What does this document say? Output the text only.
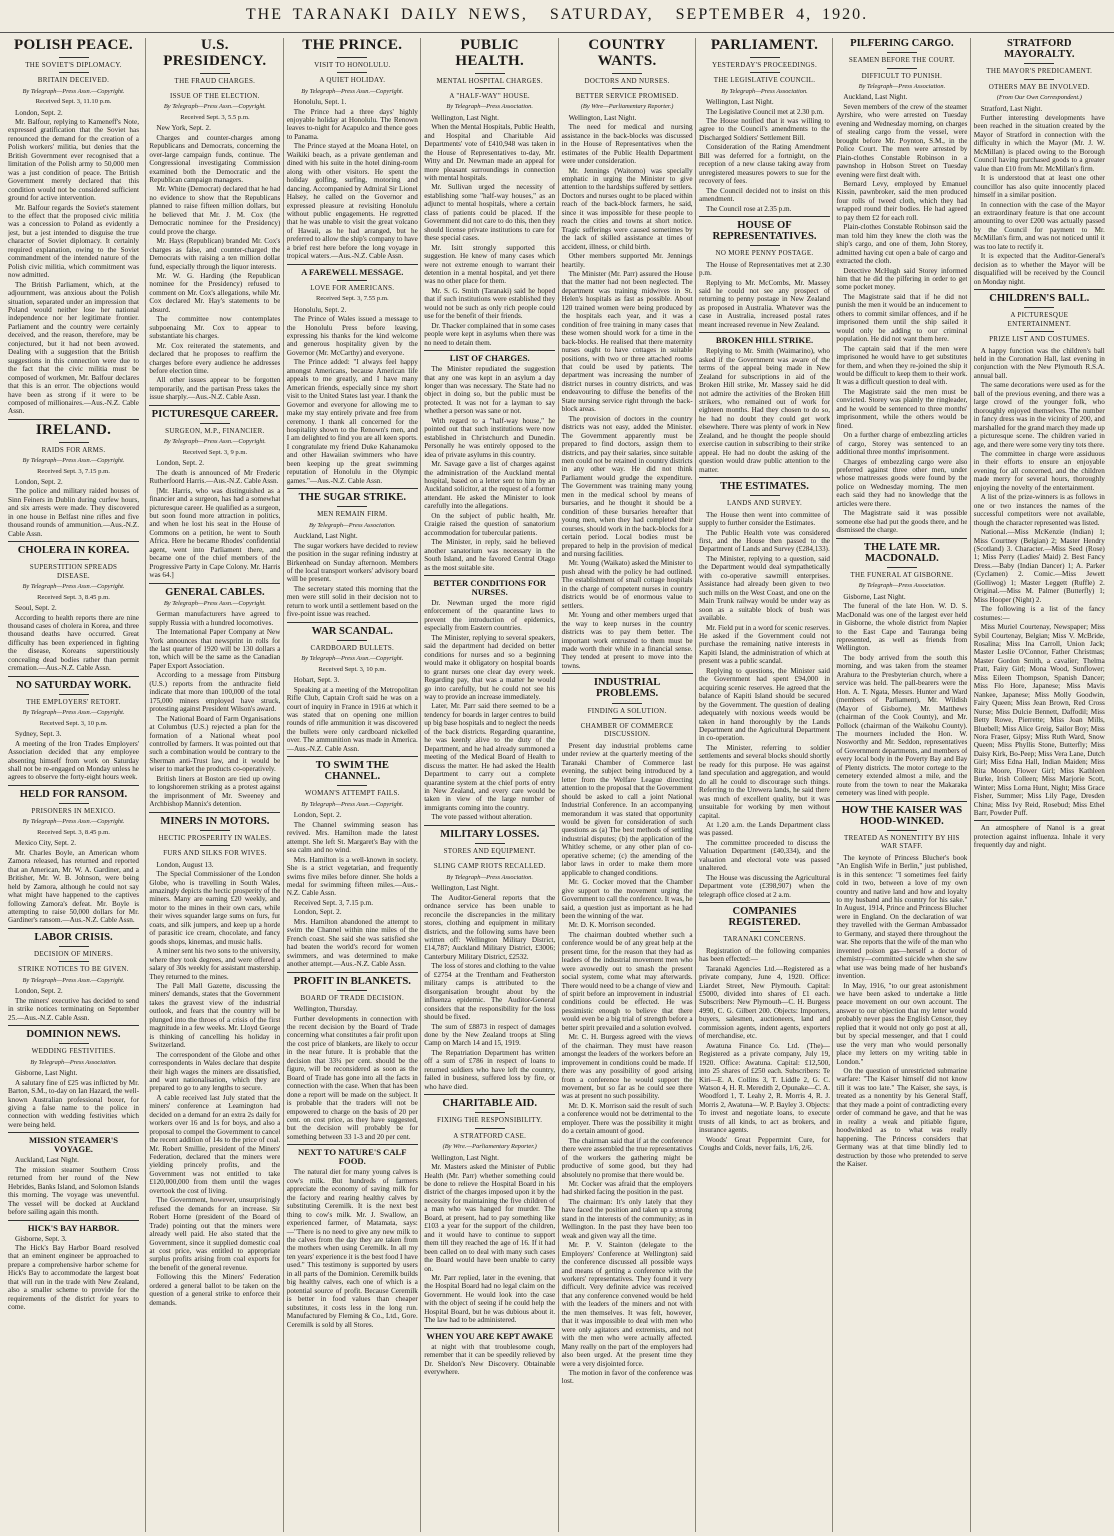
THE TARANAKI DAILY NEWS, SATURDAY, SEPTEMBER 4, 1920.
POLISH PEACE.
THE SOVIET'S DIPLOMACY.
BRITAIN DECEIVED.
By Telegraph—Press Assn.—Copyright.
Received Sept. 3, 11.10 p.m.

London, Sept. 2.

Mr. Balfour, replying to Kameneff's Note, expressed gratification that the Soviet has renounced the demand for the creation of a Polish workers' militia, but denies that the British Government ever recognised that a limitation of the Polish army to 50,000 men was a just condition of peace. The British Government merely declared that this condition would not be considered sufficient ground for active intervention.

Mr. Balfour regards the Soviet's statement to the effect that the proposed civic militia was a concession to Poland as evidently a jest, but a jest intended to disguise the true character of Soviet diplomacy. It certainly required explanation, owing to the Soviet commandment of the intended nature of the Polish civic militia, which commitment was now admitted.

The British Parliament, which, at the adjournment, was anxious about the Polish situation, separated under an impression that Poland would neither lose her national independence nor her legitimate frontier. Parliament and the country were certainly deceived, and the reason, therefore, may be conjectured, but it had not been avowed. Dealing with a suggestion that the British suggestions in this connection were due to the fact that the civic militia must be composed of workmen, Mr. Balfour declares that this is an error. The objections would have been as strong if it were to be composed of millionaires.—Aus.-N.Z. Cable Assn.

IRELAND.
RAIDS FOR ARMS.
By Telegraph—Press Assn.—Copyright.
Received Sept. 3, 7.15 p.m.

London, Sept. 2.

The police and military raided houses of Sinn Feiners in Dublin during curfew hours, and six arrests were made. They discovered in one house in Belfast nine rifles and five thousand rounds of ammunition.—Aus.-N.Z. Cable Assn.

CHOLERA IN KOREA.
SUPERSTITION SPREADS DISEASE.
By Telegraph—Press Assn.—Copyright.
Received Sept. 3, 8.45 p.m.

Seoul, Sept. 2.

According to health reports there are nine thousand cases of cholera in Korea, and three thousand deaths have occurred. Great difficulty has been experienced in fighting the disease, Koreans superstitiously concealing dead bodies rather than permit cremation.—Aus.-N.Z. Cable Assn.

NO SATURDAY WORK.
THE EMPLOYERS' RETORT.
By Telegraph—Press Assn.—Copyright.
Received Sept. 3, 10 p.m.

Sydney, Sept. 3.

A meeting of the Iron Trades Employers' Association decided that any employee absenting himself from work on Saturday shall not be re-engaged on Monday unless he agrees to observe the forty-eight hours week.

HELD FOR RANSOM.
PRISONERS IN MEXICO.
By Telegraph—Press Assn.—Copyright.
Received Sept. 3, 8.45 p.m.

Mexico City, Sept. 2.

Mr. Charles Boyle, an American whom Zamora released, has returned and reported that an American, Mr. W. A. Gardiner, and a Britisher, Mr. W. B. Johnson, were being held by Zamora, although he could not say what might have happened to the captives following Zamora's defeat. Mr. Boyle is attempting to raise 50,000 dollars for Mr. Gardiner's ransom.—Aus.-N.Z. Cable Assn.

LABOR CRISIS.
DECISION OF MINERS.
STRIKE NOTICES TO BE GIVEN.
By Telegraph—Press Assn.—Copyright.

London, Sept. 2.

The miners' executive has decided to send in strike notices terminating on September 25.—Aus.-N.Z. Cable Assn.

DOMINION NEWS.
WEDDING FESTIVITIES.
By Telegraph—Press Association.

Gisborne, Last Night.

A salutary fine of £25 was inflicted by Mr. Barton, S.M., to-day on Ian Hazard, the well-known Australian professional boxer, for giving a false name to the police in connection with wedding festivities which were being held.

MISSION STEAMER'S VOYAGE.

Auckland, Last Night.

The mission steamer Southern Cross returned from her round of the New Hebrides, Banks Island, and Solomon Islands this morning. The voyage was uneventful. The vessel will be docked at Auckland before sailing again this month.

HICK'S BAY HARBOR.

Gisborne, Sept. 3.

The Hick's Bay Harbor Board resolved that an eminent engineer be approached to prepare a comprehensive harbor scheme for Hick's Bay to accommodate the largest boat that will run in the trade with New Zealand, also a smaller scheme to provide for the requirements of the district for years to come.

U.S. PRESIDENCY.
THE FRAUD CHARGES.
ISSUE OF THE ELECTION.
By Telegraph—Press Assn.—Copyright.
Received Sept. 3, 5.5 p.m.

New York, Sept. 2.

Charges and counter-charges among Republicans and Democrats, concerning the over-large campaign funds, continue. The Congressional investigating Commission examined both the Democratic and the Republican campaign managers.

Mr. White (Democrat) declared that he had no evidence to show that the Republicans planned to raise fifteen million dollars, but he believed that Mr. J. M. Cox (the Democratic nominee for the Presidency) could prove the charge.

Mr. Hays (Republican) branded Mr. Cox's charges as false, and counter-charged the Democrats with raising a ten million dollar fund, especially through the liquor interests.

Mr. W. G. Harding (the Republican nominee for the Presidency) refused to comment on Mr. Cox's allegations, while Mr. Cox declared Mr. Hay's statements to be absurd.

The committee now contemplates subpoenaing Mr. Cox to appear to substantiate his charges.

Mr. Cox reiterated the statements, and declared that he proposes to reaffirm the charges before every audience he addresses before election time.

All other issues appear to be forgotten temporarily, and the partisan Press takes the issue sharply.—Aus.-N.Z. Cable Assn.

PICTURESQUE CAREER.
SURGEON, M.P., FINANCIER.
By Telegraph—Press Assn.—Copyright.
Received Sept. 3, 9 p.m.

London, Sept. 2.

The death is announced of Mr Frederic Rutherfoord Harris.—Aus.-N.Z. Cable Assn.

[Mr. Harris, who was distinguished as a financier and a surgeon, has had a somewhat picturesque career. He qualified as a surgeon, but soon found more attraction in politics, and when he lost his seat in the House of Commons on a petition, he went to South Africa. Here he became Rhodes' confidential agent, went into Parliament there, and became one of the chief members of the Progressive Party in Cape Colony. Mr. Harris was 64.]

GENERAL CABLES.
By Telegraph—Press Assn.—Copyright.

German manufacturers have agreed to supply Russia with a hundred locomotives.

The International Paper Company at New York announces that newsprint in rolls for the last quarter of 1920 will be 130 dollars a ton, which will be the same as the Canadian Paper Export Association.

According to a message from Pittsburg (U.S.) reports from the anthracite field indicate that more than 100,000 of the total 175,000 miners employed have struck, protesting against President Wilson's award.

The National Board of Farm Organisations at Columbus (U.S.) rejected a plan for the formation of a National wheat pool controlled by farmers. It was pointed out that such a combination would be contrary to the Sherman anti-Trust law, and it would be wiser to market the products co-operatively.

British liners at Boston are tied up owing to longshoremen striking as a protest against the imprisonment of Mr. Sweeney and Archbishop Mannix's detention.

MINERS IN MOTORS.
HECTIC PROSPERITY IN WALES.
FURS AND SILKS FOR WIVES.

London, August 13.

The Special Commissioner of the London Globe, who is travelling in South Wales, amazingly depicts the hectic prosperity of the miners. Many are earning £20 weekly, and motor to the mines in their own cars, while their wives squander large sums on furs, fur coats, and silk jumpers, and keep up a horde of parasitic ice cream, chocolate, and fancy goods shops, kinemas, and music halls.

A miner sent his two sons to the university, where they took degrees, and were offered a salary of 30s weekly for assistant mastership. They returned to the mines.

The Pall Mall Gazette, discussing the miners' demands, states that the Government takes the gravest view of the industrial outlook, and fears that the country will be plunged into the throes of a crisis of the first magnitude in a few weeks. Mr. Lloyd George is thinking of cancelling his holiday in Switzerland.

The correspondent of the Globe and other correspondents in Wales declare that despite their high wages the miners are dissatisfied, and want nationalisation, which they are prepared to go to any lengths to secure.

A cable received last July stated that the miners' conference at Leamington had decided on a demand for an extra 2s daily for workers over 16 and 1s for boys, and also a proposal to compel the Government to cancel the recent addition of 14s to the price of coal. Mr. Robert Smillie, president of the Miners' Federation, declared that the miners were yielding princely profits, and the Government was not entitled to take £120,000,000 from them until the wages overtook the cost of living.

The Government, however, unsurprisingly refused the demands for an increase. Sir Robert Horne (president of the Board of Trade) pointing out that the miners were already well paid. He also stated that the Government, since it supplied domestic coal at cost price, was entitled to appropriate surplus profits arising from coal exports for the benefit of the general revenue.

Following this the Miners' Federation ordered a general ballot to be taken on the question of a general strike to enforce their demands.

THE PRINCE.
VISIT TO HONOLULU.
A QUIET HOLIDAY.
By Telegraph—Press Assn.—Copyright.

Honolulu, Sept. 1.

The Prince had a three days' highly enjoyable holiday at Honolulu. The Renown leaves to-night for Acapulco and thence goes to Panama.

The Prince stayed at the Moana Hotel, on Waikiki beach, as a private gentleman and dined with his suite in the hotel dining-room along with other visitors. He spent the holiday golfing, surfing, motoring and dancing. Accompanied by Admiral Sir Lionel Halsey, he called on the Governor and expressed pleasure at revisiting Honolulu without public engagements. He regretted that he was unable to visit the great volcano of Hawaii, as he had arranged, but he preferred to allow the ship's company to have a brief rest here before the long voyage in tropical waters.—Aus.-N.Z. Cable Assn.

A FAREWELL MESSAGE.
LOVE FOR AMERICANS.
Received Sept. 3, 7.55 p.m.

Honolulu, Sept. 2.

The Prince of Wales issued a message to the Honolulu Press before leaving, expressing his thanks for the kind welcome and generous hospitality given by the Governor (Mr. McCarthy) and everyone.

The Prince added: "I always feel happy amongst Americans, because American life appeals to me greatly, and I have many American friends, especially since my short visit to the United States last year. I thank the Governor and everyone for allowing me to make my stay entirely private and free from ceremony. I thank all concerned for the hospitality shown to the Renown's men, and I am delighted to find you are all keen sports. I congratulate my friend Duke Kahanamoku and other Hawaiian swimmers who have been keeping up the great swimming reputation of Honolulu in the Olympic games."—Aus.-N.Z. Cable Assn.

THE SUGAR STRIKE.
MEN REMAIN FIRM.
By Telegraph—Press Association.

Auckland, Last Night.

The sugar workers have decided to review the position in the sugar refining industry at Birkenhead on Sunday afternoon. Members of the local transport workers' advisory board will be present.

The secretary stated this morning that the men were still solid in their decision not to return to work until a settlement based on the five-point issue was reached.

WAR SCANDAL.
CARDBOARD BULLETS.
By Telegraph—Press Assn.—Copyright.
Received Sept. 3, 10 p.m.

Hobart, Sept. 3.

Speaking at a meeting of the Metropolitan Rifle Club, Captain Croft said he was on a court of inquiry in France in 1916 at which it was stated that on opening one million rounds of rifle ammunition it was discovered the bullets were only cardboard nickelled over. The ammunition was made in America.—Aus.-N.Z. Cable Assn.

TO SWIM THE CHANNEL.
WOMAN'S ATTEMPT FAILS.
By Telegraph—Press Assn.—Copyright.

London, Sept. 2.

The Channel swimming season has revived. Mrs. Hamilton made the latest attempt. She left St. Margaret's Bay with the sea calm and no wind.

Mrs. Hamilton is a well-known in society. She is a strict vegetarian, and frequently swims five miles before dinner. She holds a medal for swimming fifteen miles.—Aus.-N.Z. Cable Assn.

Received Sept. 3, 7.15 p.m.

London, Sept. 2.

Mrs. Hamilton abandoned the attempt to swim the Channel within nine miles of the French coast. She said she was satisfied she had beaten the world's record for women swimmers, and was determined to make another attempt.—Aus.-N.Z. Cable Assn.

PROFIT IN BLANKETS.
BOARD OF TRADE DECISION.

Wellington, Thursday.

Further developments in connection with the recent decision by the Board of Trade concerning what constitutes a fair profit upon the cost price of blankets, are likely to occur in the near future. It is probable that the decision that 33¼ per cent. should be the figure, will be reconsidered as soon as the Board of Trade has gone into all the facts in connection with the case. When that has been done a report will be made on the subject. It is probable that the traders will not be empowered to charge on the basis of 20 per cent. on cost price, as they have suggested, but the decision will probably be for something between 33 1-3 and 20 per cent.

NEXT TO NATURE'S CALF FOOD.

The natural diet for many young calves is cow's milk. But hundreds of farmers appreciate the economy of saving milk for the factory and rearing healthy calves by substituting Ceremilk. It is the next best thing to cow's milk. Mr. J. Swallow, an experienced farmer, of Matamata, says:—"There is no need to give any new milk to the calves from the day they are taken from the mothers when using Ceremilk. In all my ten years' experience it is the best food I have used." This testimony is supported by users in all parts of the Dominion. Ceremilk builds big healthy calves, each one of which is a potential source of profit. Because Ceremilk is better in food values than cheaper substitutes, it costs less in the long run. Manufactured by Fleming & Co., Ltd., Gore. Ceremilk is sold by all Stores.

PUBLIC HEALTH.
MENTAL HOSPITAL CHARGES.
A "HALF-WAY" HOUSE.
By Telegraph—Press Association.

Wellington, Last Night.

When the Mental Hospitals, Public Health, and Hospital and Charitable Aid Departments' vote of £410,948 was taken in the House of Representatives to-day, Mr. Witty and Dr. Newman made an appeal for more pleasant surroundings in connection with mental hospitals.

Mr. Sullivan urged the necessity of establishing some "half-way houses," as an adjunct to mental hospitals, where a certain class of patients could be placed. If the Government did not care to do this, then they should license private institutions to care for these special cases.

Mr. Isitt strongly supported this suggestion. He knew of many cases which were not extreme enough to warrant their detention in a mental hospital, and yet there was no other place for them.

Mr. S. G. Smith (Taranaki) said he hoped that if such institutions were established they would not be such as only rich people could use for the benefit of their friends.

Dr. Thacker complained that in some cases people were kept in asylums when there was no need to detain them.

LIST OF CHARGES.

The Minister repudiated the suggestion that any one was kept in an asylum a day longer than was necessary. The State had no object in doing so, but the public must be protected. It was not for a layman to say whether a person was sane or not.

With regard to a "half-way house," he pointed out that such institutions were now established in Christchurch and Dunedin. Personally he was entirely opposed to the idea of private asylums in this country.

Mr. Savage gave a list of charges against the administration of the Auckland mental hospital, based on a letter sent to him by an Auckland solicitor, at the request of a former attendant. He asked the Minister to look carefully into the allegations.

On the subject of public health, Mr. Craigie raised the question of sanatorium accommodation for tubercular patients.

The Minister, in reply, said he believed another sanatorium was necessary in the South Island, and he favored Central Otago as the most suitable site.

BETTER CONDITIONS FOR NURSES.

Dr. Newman urged the more rigid enforcement of the quarantine laws to prevent the introduction of epidemics, especially from Eastern countries.

The Minister, replying to several speakers, said the department had decided on better conditions for nurses and so a beginning would make it obligatory on hospital boards to grant nurses one clear day every week. Regarding pay, that was a matter he would go into carefully, but he could not see his way to provide an increase immediately.

Later, Mr. Parr said there seemed to be a tendency for boards in larger centres to build up big base hospitals and to neglect the needs of the back districts. Regarding quarantine, he was keenly alive to the duty of the Department, and he had already summoned a meeting of the Medical Board of Health to discuss the matter. He had asked the Health Department to carry out a complete quarantine system at the chief ports of entry in New Zealand, and every care would be taken in view of the large number of immigrants coming into the country.

The vote passed without alteration.

MILITARY LOSSES.
STORES AND EQUIPMENT.
SLING CAMP RIOTS RECALLED.
By Telegraph—Press Association.

Wellington, Last Night.

The Auditor-General reports that the ordnance service has been unable to reconcile the discrepancies in the military stores, clothing and equipment in military districts, and the following sums have been written off: Wellington Military District, £14,787; Auckland Military District, £3006; Canterbury Military District, £2532.

The loss of stores and clothing to the value of £2754 at the Trentham and Featherston military camps is attributed to the disorganisation brought about by the influenza epidemic. The Auditor-General considers that the responsibility for the loss should be fixed.

The sum of £8873 in respect of damages done by the New Zealand troops at Sling Camp on March 14 and 15, 1919.

The Repatriation Department has written off a sum of £786 in respect of loans to returned soldiers who have left the country, failed in business, suffered loss by fire, or who have died.

CHARITABLE AID.
FIXING THE RESPONSIBILITY.
A STRATFORD CASE.
(By Wire.—Parliamentary Reporter.)

Wellington, Last Night.

Mr. Masters asked the Minister of Public Health (Mr. Parr) whether something could be done to relieve the Hospital Board in his district of the charges imposed upon it by the necessity for maintaining the five children of a man who was hanged for murder. The Board, at present, had to pay something like £103 a year for the support of the children, and it would have to continue to support them till they reached the age of 16. If it had been called on to deal with many such cases the Board would have been unable to carry on.

Mr. Parr replied, later in the evening, that the Hospital Board had no legal claim on the Government. He would look into the case with the object of seeing if he could help the Hospital Board, but he was dubious about it. The law had to be administered.

WHEN YOU ARE KEPT AWAKE

at night with that troublesome cough, remember that it can be speedily relieved by Dr. Sheldon's New Discovery. Obtainable everywhere.

COUNTRY WANTS.
DOCTORS AND NURSES.
BETTER SERVICE PROMISED.
(By Wire—Parliamentary Reporter.)

Wellington, Last Night.

The need for medical and nursing assistance in the back-blocks was discussed in the House of Representatives when the estimates of the Public Health Department were under consideration.

Mr. Jennings (Waitomo) was specially emphatic in urging the Minister to give attention to the hardships suffered by settlers. Doctors and nurses ought to be placed within reach of the back-block farmers, he said, since it was impossible for these people to reach the cities and towns at short notice. Tragic sufferings were caused sometimes by the lack of skilled assistance at times of accident, illness, or child birth.

Other members supported Mr. Jennings heartily.

The Minister (Mr. Parr) assured the House that the matter had not been neglected. The department was training midwives in St. Helen's hospitals as fast as possible. About 120 trained women were being produced by the hospitals each year, and it was a condition of free training in many cases that these women should work for a time in the back-blocks. He realised that there maternity nurses ought to have cottages in suitable positions, with two or three attached rooms that could be used by patients. The department was increasing the number of district nurses in country districts, and was endeavouring to diffuse the benefits of the State nursing service right through the back-block areas.

The provision of doctors in the country districts was not easy, added the Minister. The Government apparently must be prepared to find doctors, assign them to districts, and pay their salaries, since suitable men could not be retained in country districts in any other way. He did not think Parliament would grudge the expenditure. The Government was training many young men in the medical school by means of bursaries, and he thought it should be a condition of these bursaries hereafter that young men, when they had completed their courses, should work in the back-blocks for a certain period. Local bodies must be prepared to help in the provision of medical and nursing facilities.

Mr. Young (Waikato) asked the Minister to push ahead with the policy he had outlined. The establishment of small cottage hospitals in the charge of competent nurses in country districts would be of enormous value to settlers.

Mr. Young and other members urged that the way to keep nurses in the country districts was to pay them better. The important work entrusted to them must be made worth their while in a financial sense. They tended at present to move into the towns.

INDUSTRIAL PROBLEMS.
FINDING A SOLUTION.
CHAMBER OF COMMERCE DISCUSSION.

Present day industrial problems came under review at the quarterly meeting of the Taranaki Chamber of Commerce last evening, the subject being introduced by a letter from the Welfare League directing attention to the proposal that the Government should be asked to call a joint National Industrial Conference. In an accompanying memorandum it was stated that opportunity would be given for consideration of such questions as (a) The best methods of settling industrial disputes; (b) the application of the Whitley scheme, or any other plan of co-operative scheme; (c) the amending of the labor laws in order to make them more applicable to changed conditions.

Mr. G. Cocker moved that the Chamber give support to the movement urging the Government to call the conference. It was, he said, a question just as important as he had been the winning of the war.

Mr. D. K. Morrison seconded.

The chairman doubted whether such a conference would be of any great help at the present time, for the reason that they had as leaders of the industrial movement men who were avowedly out to smash the present social system, come what may afterwards. There would need to be a change of view and of spirit before an improvement in industrial conditions could be effected. He was pessimistic enough to believe that there would even be a big trial of strength before a better spirit prevailed and a solution evolved.

Mr. C. H. Burgess agreed with the views of the chairman. They must have reason amongst the leaders of the workers before an improvement in conditions could be made. If there was any possibility of good arising from a conference he would support the movement, but so far as he could see there was at present no such possibility.

Mr. D. K. Morrison said the result of such a conference would not be detrimental to the employer. There was the possibility it might do a certain amount of good.

The chairman said that if at the conference there were assembled the true representatives of the workers the gathering might be productive of some good, but they had absolutely no promise that there would be.

Mr. Cocker was afraid that the employers had shirked facing the position in the past.

The chairman: It's only lately that they have faced the position and taken up a strong stand in the interests of the community; as in Wellington. In the past they have been too weak and given way all the time.

Mr. P. V. Stainton (delegate to the Employers' Conference at Wellington) said the conference discussed all possible ways and means of getting a conference with the workers' representatives. They found it very difficult. Very definite advice was received that any conference convened would be held with the leaders of the miners and not with the men themselves. It was felt, however, that it was impossible to deal with men who were only agitators and extremists, and not with the men who were actually affected. Many really on the part of the employers had also been urged. At the present time they were a very disjointed force.

The motion in favor of the conference was lost.

PARLIAMENT.
YESTERDAY'S PROCEEDINGS.
THE LEGISLATIVE COUNCIL.
By Telegraph—Press Association.

Wellington, Last Night.

The Legislative Council met at 2.30 p.m.

The House notified that it was willing to agree to the Council's amendments to the Discharged Soldiers' Settlement Bill.

Consideration of the Rating Amendment Bill was deferred for a fortnight, on the reception of a new clause taking away from unregistered measures powers to sue for the recovery of fees.

The Council decided not to insist on this amendment.

The Council rose at 2.35 p.m.

HOUSE OF REPRESENTATIVES.
NO MORE PENNY POSTAGE.

The House of Representatives met at 2.30 p.m.

Replying to Mr. McCombs, Mr. Massey said he could not see any prospect of returning to penny postage in New Zealand as proposed in Australia. Whatever was the case in Australia, increased postal rates meant increased revenue in New Zealand.

BROKEN HILL STRIKE.

Replying to Mr. Smith (Waimarino), who asked if the Government was aware of the terms of the appeal being made in New Zealand for subscriptions in aid of the Broken Hill strike, Mr. Massey said he did not admire the activities of the Broken Hill strikers, who remained out of work for eighteen months. Had they chosen to do so, he had no doubt they could get work elsewhere. There was plenty of work in New Zealand, and he thought the people should exercise caution in subscribing to their strike appeal. He had no doubt the asking of the question would draw public attention to the matter.

THE ESTIMATES.
LANDS AND SURVEY.

The House then went into committee of supply to further consider the Estimates.

The Public Health vote was considered first, and the House then passed to the Department of Lands and Survey (£284,133).

The Minister, replying to a question, said the Department would deal sympathetically with co-operative sawmill enterprises. Assistance had already been given to two such mills on the West Coast, and one on the Main Trunk railway would be under way as soon as a suitable block of bush was available.

Mr. Field put in a word for scenic reserves. He asked if the Government could not purchase the remaining native interests in Kapiti Island, the administration of which at present was a public scandal.

Replying to questions, the Minister said the Government had spent £94,000 in acquiring scenic reserves. He agreed that the balance of Kapiti Island should be secured by the Government. The question of dealing adequately with noxious weeds would be taken in hand thoroughly by the Lands Department and the Agricultural Department in co-operation.

The Minister, referring to soldier settlements and several blocks should shortly be ready for this purpose. He was against land speculation and aggregation, and would do all he could to discourage such things. Referring to the Urewera lands, he said there was much of excellent quality, but it was unsuitable for working by men without capital.

At 1.20 a.m. the Lands Department class was passed.

The committee proceeded to discuss the Valuation Department (£40,334), and the valuation and electoral vote was passed unaltered.

The House was discussing the Agricultural Department vote (£398,907) when the telegraph office closed at 2 a.m.

COMPANIES REGISTERED.
TARANAKI CONCERNS.

Registration of the following companies has been effected:—

Taranaki Agencies Ltd.—Registered as a private company, June 4, 1920. Office: Liardet Street, New Plymouth. Capital: £5000, divided into shares of £1 each. Subscribers: New Plymouth—C. H. Burgess 4990, C. G. Gilbert 200. Objects: Importers, buyers, salesmen, auctioneers, land and commission agents, indent agents, exporters of merchandise, etc.

Awatuna Finance Co. Ltd. (The)—Registered as a private company, July 19, 1920. Office: Awatuna. Capital: £12,500, into 25 shares of £250 each. Subscribers: Te Kiri—E. A. Collins 3, T. Liddle 2, G. C. Watson 4, H. R. Meredith 2, Opunake—C. A. Woodford 1, T. Leahy 2, R. Morris 4, R. J. Morris 2, Awatuna—W. P. Bayley 3. Objects: To invest and negotiate loans, to execute trusts of all kinds, to act as brokers, and insurance agents.

Woods' Great Peppermint Cure, for Coughs and Colds, never fails, 1/6, 2/6.

PILFERING CARGO.
SEAMEN BEFORE THE COURT.
DIFFICULT TO PUNISH.
By Telegraph—Press Association.

Auckland, Last Night.

Seven members of the crew of the steamer Ayrshire, who were arrested on Tuesday evening and Wednesday morning, on charges of stealing cargo from the vessel, were brought before Mr. Poynton, S.M., in the Police Court. The men were arrested by Plain-clothes Constable Robinson in a pawnshop in Hobson Street on Tuesday evening were first dealt with.

Bernard Levy, employed by Emanuel Kissin, pawnbroker, said the men produced four rolls of tweed cloth, which they had wrapped round their bodies. He had agreed to pay them £2 for each roll.

Plain-clothes Constable Robinson said the man told him they knew the cloth was the ship's cargo, and one of them, John Storey, admitted having cut open a bale of cargo and extracted the cloth.

Detective McHugh said Storey informed him that he did the pilfering in order to get some pocket money.

The Magistrate said that if he did not punish the men it would be an inducement to others to commit similar offences, and if he imprisoned them until the ship sailed it would only be adding to our criminal population. He did not want them here.

The captain said that if the men were imprisoned he would have to get substitutes for them, and when they re-joined the ship it would be difficult to keep them to their work. It was a difficult question to deal with.

The Magistrate said the men must be convicted. Storey was plainly the ringleader, and he would be sentenced to three months' imprisonment, while the others would be fined.

On a further charge of embezzling articles of cargo, Storey was sentenced to an additional three months' imprisonment.

Charges of embezzling cargo were also preferred against three other men, under whose mattresses goods were found by the police on Wednesday morning. The men each said they had no knowledge that the articles were there.

The Magistrate said it was possible someone else had put the goods there, and he dismissed the charge.

THE LATE MR. MACDONALD.
THE FUNERAL AT GISBORNE.
By Telegraph—Press Association.

Gisborne, Last Night.

The funeral of the late Hon. W. D. S. MacDonald was one of the largest ever held in Gisborne, the whole district from Napier to the East Cape and Tauranga being represented, as well as friends from Wellington.

The body arrived from the south this morning, and was taken from the steamer Arahura to the Presbyterian church, where a service was held. The pall-bearers were the Hon. A. T. Ngata, Messrs. Hunter and Ward (members of Parliament), Mr. Wildish (Mayor of Gisborne), Mr. Matthews (chairman of the Cook County), and Mr. Pollock (chairman of the Waikohu County). The mourners included the Hon. W. Nosworthy and Mr. Seddon, representatives of Government departments, and members of every local body in the Poverty Bay and Bay of Plenty districts. The motor cortege to the cemetery extended almost a mile, and the route from the town to near the Makaraka cemetery was lined with people.

HOW THE KAISER WAS HOOD-WINKED.
TREATED AS NONENTITY BY HIS WAR STAFF.

The keynote of Princess Blucher's book "An English Wife in Berlin," just published, is in this sentence: "I sometimes feel fairly cold in two, between a love of my own country and native land and how and loyalty to my husband and his country for his sake." In August, 1914, Prince and Princess Blucher were in England. On the declaration of war they travelled with the German Ambassador to Germany, and stayed there throughout the war. She reports that the wife of the man who invented poison gas—herself a doctor of chemistry—committed suicide when she saw what use was being made of her husband's invention.

In May, 1916, "to our great astonishment we have been asked to undertake a little peace movement on our own account. The answer to our objection that my letter would probably never pass the English Censor, they replied that it would not only go post at all, but by special messenger, and that I could use the very man who would personally place my letters on my writing table in London."

On the question of unrestricted submarine warfare: "The Kaiser himself did not know till it was too late." The Kaiser, she says, is treated as a nonentity by his General Staff, that they made a point of contradicting every order of command he gave, and that he was in reality a weak and pitiable figure, hoodwinked as to what was really happening. The Princess considers that Germany was at that time blindly led to destruction by those who pretended to serve the Kaiser.

STRATFORD MAYORALTY.
THE MAYOR'S PREDICAMENT.
OTHERS MAY BE INVOLVED.
(From Our Own Correspondent.)

Stratford, Last Night.

Further interesting developments have been reached in the situation created by the Mayor of Stratford in connection with the difficulty in which the Mayor (Mr. J. W. McMillan) is placed owing to the Borough Council having purchased goods to a greater value than £10 from Mr. McMillan's firm.

It is understood that at least one other councillor has also quite innocently placed himself in a similar position.

In connection with the case of the Mayor an extraordinary feature is that one account amounting to over £200 was actually passed by the Council for payment to Mr. McMillan's firm, and was not noticed until it was too late to rectify it.

It is expected that the Auditor-General's decision as to whether the Mayor will be disqualified will be received by the Council on Monday night.

CHILDREN'S BALL.
A PICTURESQUE ENTERTAINMENT.
PRIZE LIST AND COSTUMES.

A happy function was the children's ball held in the Coronation Hall, last evening in conjunction with the New Plymouth R.S.A. annual ball.

The same decorations were used as for the ball of the previous evening, and there was a large crowd of the younger folk, who thoroughly enjoyed themselves. The number in fancy dress was in the vicinity of 200, and marshalled for the grand march they made up a picturesque scene. The children varied in age, and there were some very tiny tots there.

The committee in charge were assiduous in their efforts to ensure an enjoyable evening for all concerned, and the children made merry for several hours, thoroughly enjoying the novelty of the entertainment.

A list of the prize-winners is as follows in one or two instances the names of the successful competitors were not available, though the character represented was listed.

National.—Miss McKenzie (Indian) 1; Miss Courtney (Belgian) 2; Master Hendry (Scotland) 3. Character.—Miss Seed (Rose) 1; Miss Perry (Ladies' Maid) 2. Best Fancy Dress.—Baby (Indian Dancer) 1; A. Parker (Cyclamen) 2. Comic.—Miss Jewett (Golliwog) 1; Master Leggett (Ruffle) 2. Original.—Miss M. Palmer (Butterfly) 1; Miss Hooper (Night) 2.

The following is a list of the fancy costumes:—

Miss Muriel Courtenay, Newspaper; Miss Sybil Courtenay, Belgian; Miss V. McBride, Rosalina; Miss Ina Carroll, Union Jack; Master Leslie O'Connor, Father Christmas; Master Gordon Smith, a cavalier; Thelma Pratt, Fairy Girl; Mona Wood, Sunflower; Miss Eileen Thompson, Spanish Dancer; Miss Flo Hore, Japanese; Miss Mavis Nankee, Japanese; Miss Molly Goodwin, Fairy Queen; Miss Jean Brown, Red Cross Nurse; Miss Dulcie Bennett, Daffodil; Miss Betty Rowe, Pierrette; Miss Joan Mills, Bluebell; Miss Alice Greig, Sailor Boy; Miss Nora Fraser, Gipsy; Miss Ruth Ward, Snow Queen; Miss Phyllis Stone, Butterfly; Miss Daisy Kirk, Bo-Peep; Miss Vera Lane, Dutch Girl; Miss Edna Hall, Indian Maiden; Miss Rita Moore, Flower Girl; Miss Kathleen Burke, Irish Colleen; Miss Marjorie Scott, Winter; Miss Lorna Hunt, Night; Miss Grace Fisher, Summer; Miss Lily Page, Dresden China; Miss Ivy Reid, Rosebud; Miss Ethel Barr, Powder Puff.

An atmosphere of Nanol is a great protection against influenza. Inhale it very frequently day and night.
